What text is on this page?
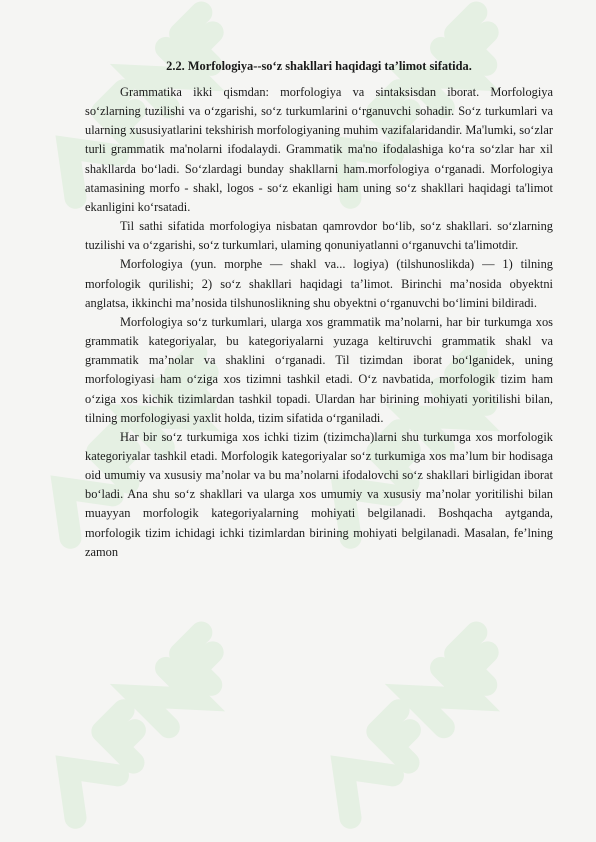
2.2. Morfologiya--so‘z shakllari haqidagi ta’limot sifatida.

Grammatika ikki qismdan: morfologiya va sintaksisdan iborat. Morfologiya so‘zlarning tuzilishi va o‘zgarishi, so‘z turkumlarini o‘rganuvchi sohadir. So‘z turkumlari va ularning xususiyatlarini tekshirish morfologiyaning muhim vazifalaridandir. Ma'lumki, so‘zlar turli grammatik ma'nolarni ifodalaydi. Grammatik ma'no ifodalashiga ko‘ra so‘zlar har xil shakllarda bo‘ladi. So‘zlardagi bunday shakllarni ham.morfologiya o‘rganadi. Morfologiya atamasining morfo - shakl, logos - so‘z ekanligi ham uning so‘z shakllari haqidagi ta'limot ekanligini ko‘rsatadi.

Til sathi sifatida morfologiya nisbatan qamrovdor bo‘lib, so‘z shakllari. so‘zlarning tuzilishi va o‘zgarishi, so‘z turkumlari, ulaming qonuniyatlanni o‘rganuvchi ta'limotdir.

Morfologiya (yun. morphe — shakl va... logiya) (tilshunoslikda) — 1) tilning morfologik qurilishi; 2) so‘z shakllari haqidagi ta’limot. Birinchi ma’nosida obyektni anglatsa, ikkinchi ma’nosida tilshunoslikning shu obyektni o‘rganuvchi bo‘limini bildiradi.

Morfologiya so‘z turkumlari, ularga xos grammatik ma’nolarni, har bir turkumga xos grammatik kategoriyalar, bu kategoriyalarni yuzaga keltiruvchi grammatik shakl va grammatik ma’nolar va shaklini o‘rganadi. Til tizimdan iborat bo‘lganidek, uning morfologiyasi ham o‘ziga xos tizimni tashkil etadi. O‘z navbatida, morfologik tizim ham o‘ziga xos kichik tizimlardan tashkil topadi. Ulardan har birining mohiyati yoritilishi bilan, tilning morfologiyasi yaxlit holda, tizim sifatida o‘rganiladi.

Har bir so‘z turkumiga xos ichki tizim (tizimcha)larni shu turkumga xos morfologik kategoriyalar tashkil etadi. Morfologik kategoriyalar so‘z turkumiga xos ma’lum bir hodisaga oid umumiy va xususiy ma’nolar va bu ma’nolarni ifodalovchi so‘z shakllari birligidan iborat bo‘ladi. Ana shu so‘z shakllari va ularga xos umumiy va xususiy ma’nolar yoritilishi bilan muayyan morfologik kategoriyalarning mohiyati belgilanadi. Boshqacha aytganda, morfologik tizim ichidagi ichki tizimlardan birining mohiyati belgilanadi. Masalan, fe’lning zamon
